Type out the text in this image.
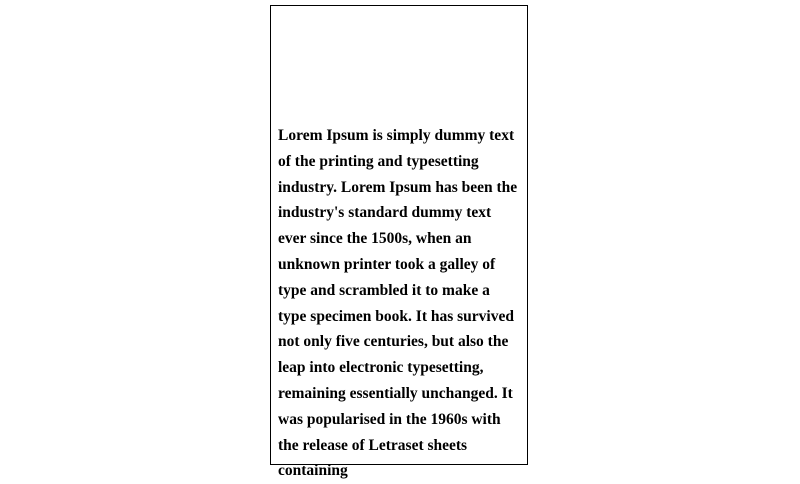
Lorem Ipsum is simply dummy text of the printing and typesetting industry. Lorem Ipsum has been the industry's standard dummy text ever since the 1500s, when an unknown printer took a galley of type and scrambled it to make a type specimen book. It has survived not only five centuries, but also the leap into electronic typesetting, remaining essentially unchanged. It was popularised in the 1960s with the release of Letraset sheets containing
